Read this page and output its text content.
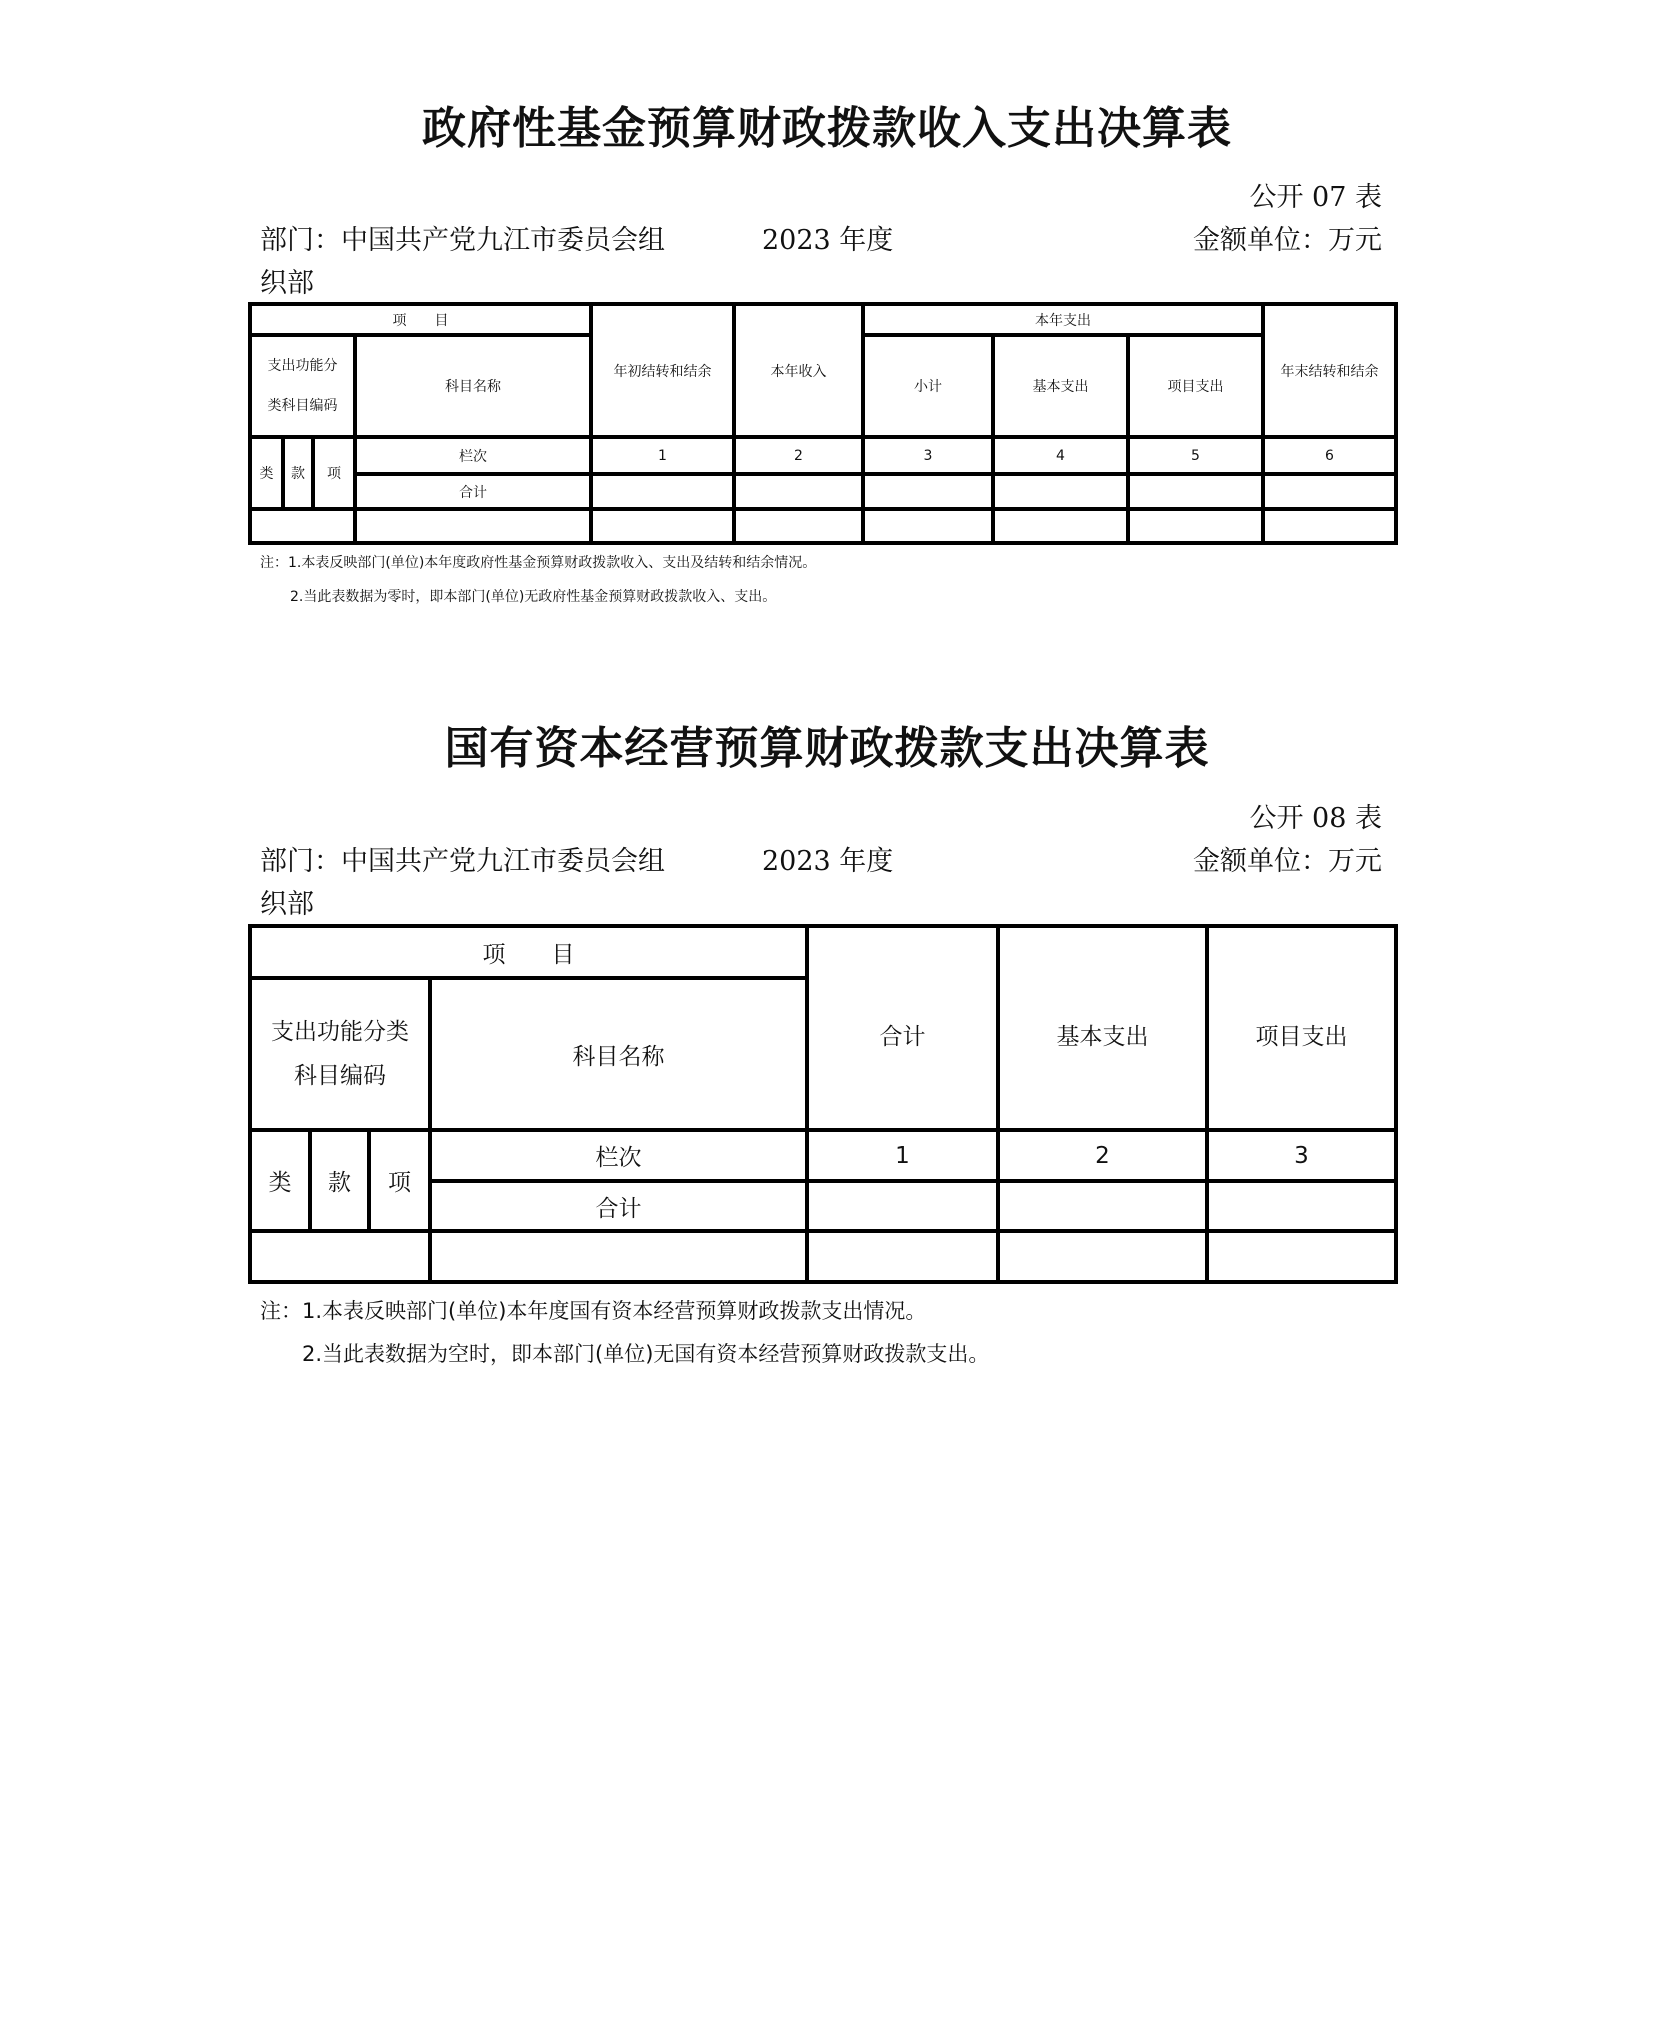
政府性基金预算财政拨款收入支出决算表
公开 07 表
部门：中国共产党九江市委员会组	2023 年度	金额单位：万元
织部
项　　目				年初结转和结余	本年收入	本年支出			年末结转和结余

支出功能分
类科目编码			科目名称			小计	基本支出	项目支出	
类	款	项	栏次	1	2	3	4	5	6
			合计						

注：1.本表反映部门(单位)本年度政府性基金预算财政拨款收入、支出及结转和结余情况。
2.当此表数据为零时，即本部门(单位)无政府性基金预算财政拨款收入、支出。
国有资本经营预算财政拨款支出决算表
公开 08 表
部门：中国共产党九江市委员会组	2023 年度	金额单位：万元
织部
项　　目				合计	基本支出	项目支出

支出功能分类
科目编码			科目名称			
类	款	项	栏次	1	2	3
			合计			

注：1.本表反映部门(单位)本年度国有资本经营预算财政拨款支出情况。
2.当此表数据为空时，即本部门(单位)无国有资本经营预算财政拨款支出。
